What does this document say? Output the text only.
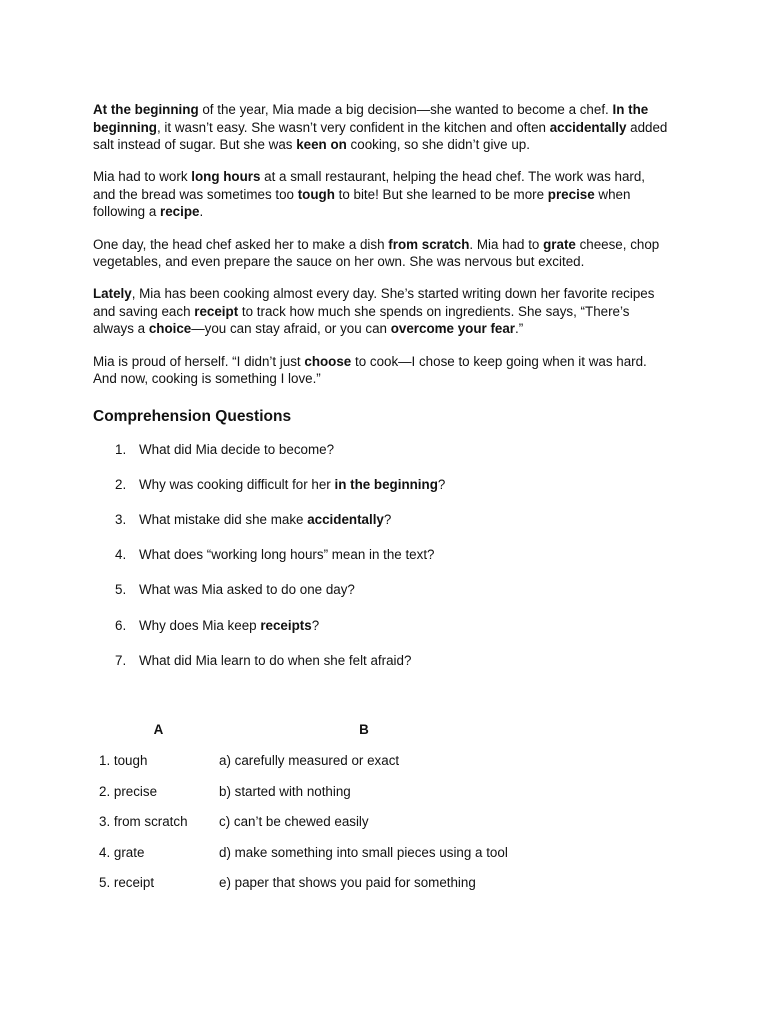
At the beginning of the year, Mia made a big decision—she wanted to become a chef. In the beginning, it wasn’t easy. She wasn’t very confident in the kitchen and often accidentally added salt instead of sugar. But she was keen on cooking, so she didn’t give up.

Mia had to work long hours at a small restaurant, helping the head chef. The work was hard, and the bread was sometimes too tough to bite! But she learned to be more precise when following a recipe.

One day, the head chef asked her to make a dish from scratch. Mia had to grate cheese, chop vegetables, and even prepare the sauce on her own. She was nervous but excited.

Lately, Mia has been cooking almost every day. She’s started writing down her favorite recipes and saving each receipt to track how much she spends on ingredients. She says, “There’s always a choice—you can stay afraid, or you can overcome your fear.”

Mia is proud of herself. “I didn’t just choose to cook—I chose to keep going when it was hard. And now, cooking is something I love.”

Comprehension Questions
1. What did Mia decide to become?
2. Why was cooking difficult for her in the beginning?
3. What mistake did she make accidentally?
4. What does “working long hours” mean in the text?
5. What was Mia asked to do one day?
6. Why does Mia keep receipts?
7. What did Mia learn to do when she felt afraid?
A	B
1. tough	a) carefully measured or exact
2. precise	b) started with nothing
3. from scratch	c) can’t be chewed easily
4. grate	d) make something into small pieces using a tool
5. receipt	e) paper that shows you paid for something
